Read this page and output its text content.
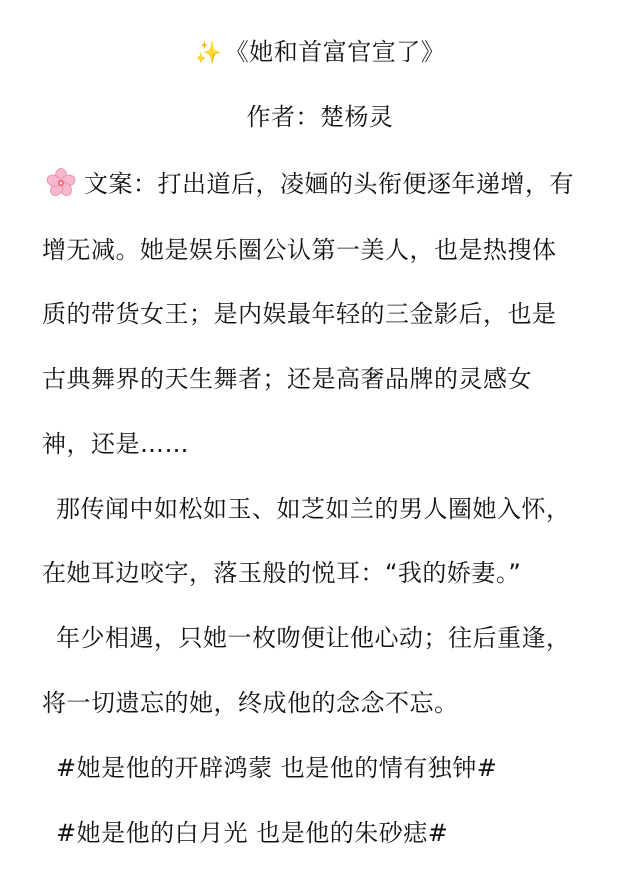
✨《她和首富官宣了》
作者：楚杨灵
文案：打出道后，凌婳的头衔便逐年递增，有
增无减。她是娱乐圈公认第一美人，也是热搜体
质的带货女王；是内娱最年轻的三金影后，也是
古典舞界的天生舞者；还是高奢品牌的灵感女
神，还是……
那传闻中如松如玉、如芝如兰的男人圈她入怀，
在她耳边咬字，落玉般的悦耳：“我的娇妻。”
年少相遇，只她一枚吻便让他心动；往后重逢，
将一切遗忘的她，终成他的念念不忘。
#她是他的开辟鸿蒙 也是他的情有独钟#
#她是他的白月光 也是他的朱砂痣#
